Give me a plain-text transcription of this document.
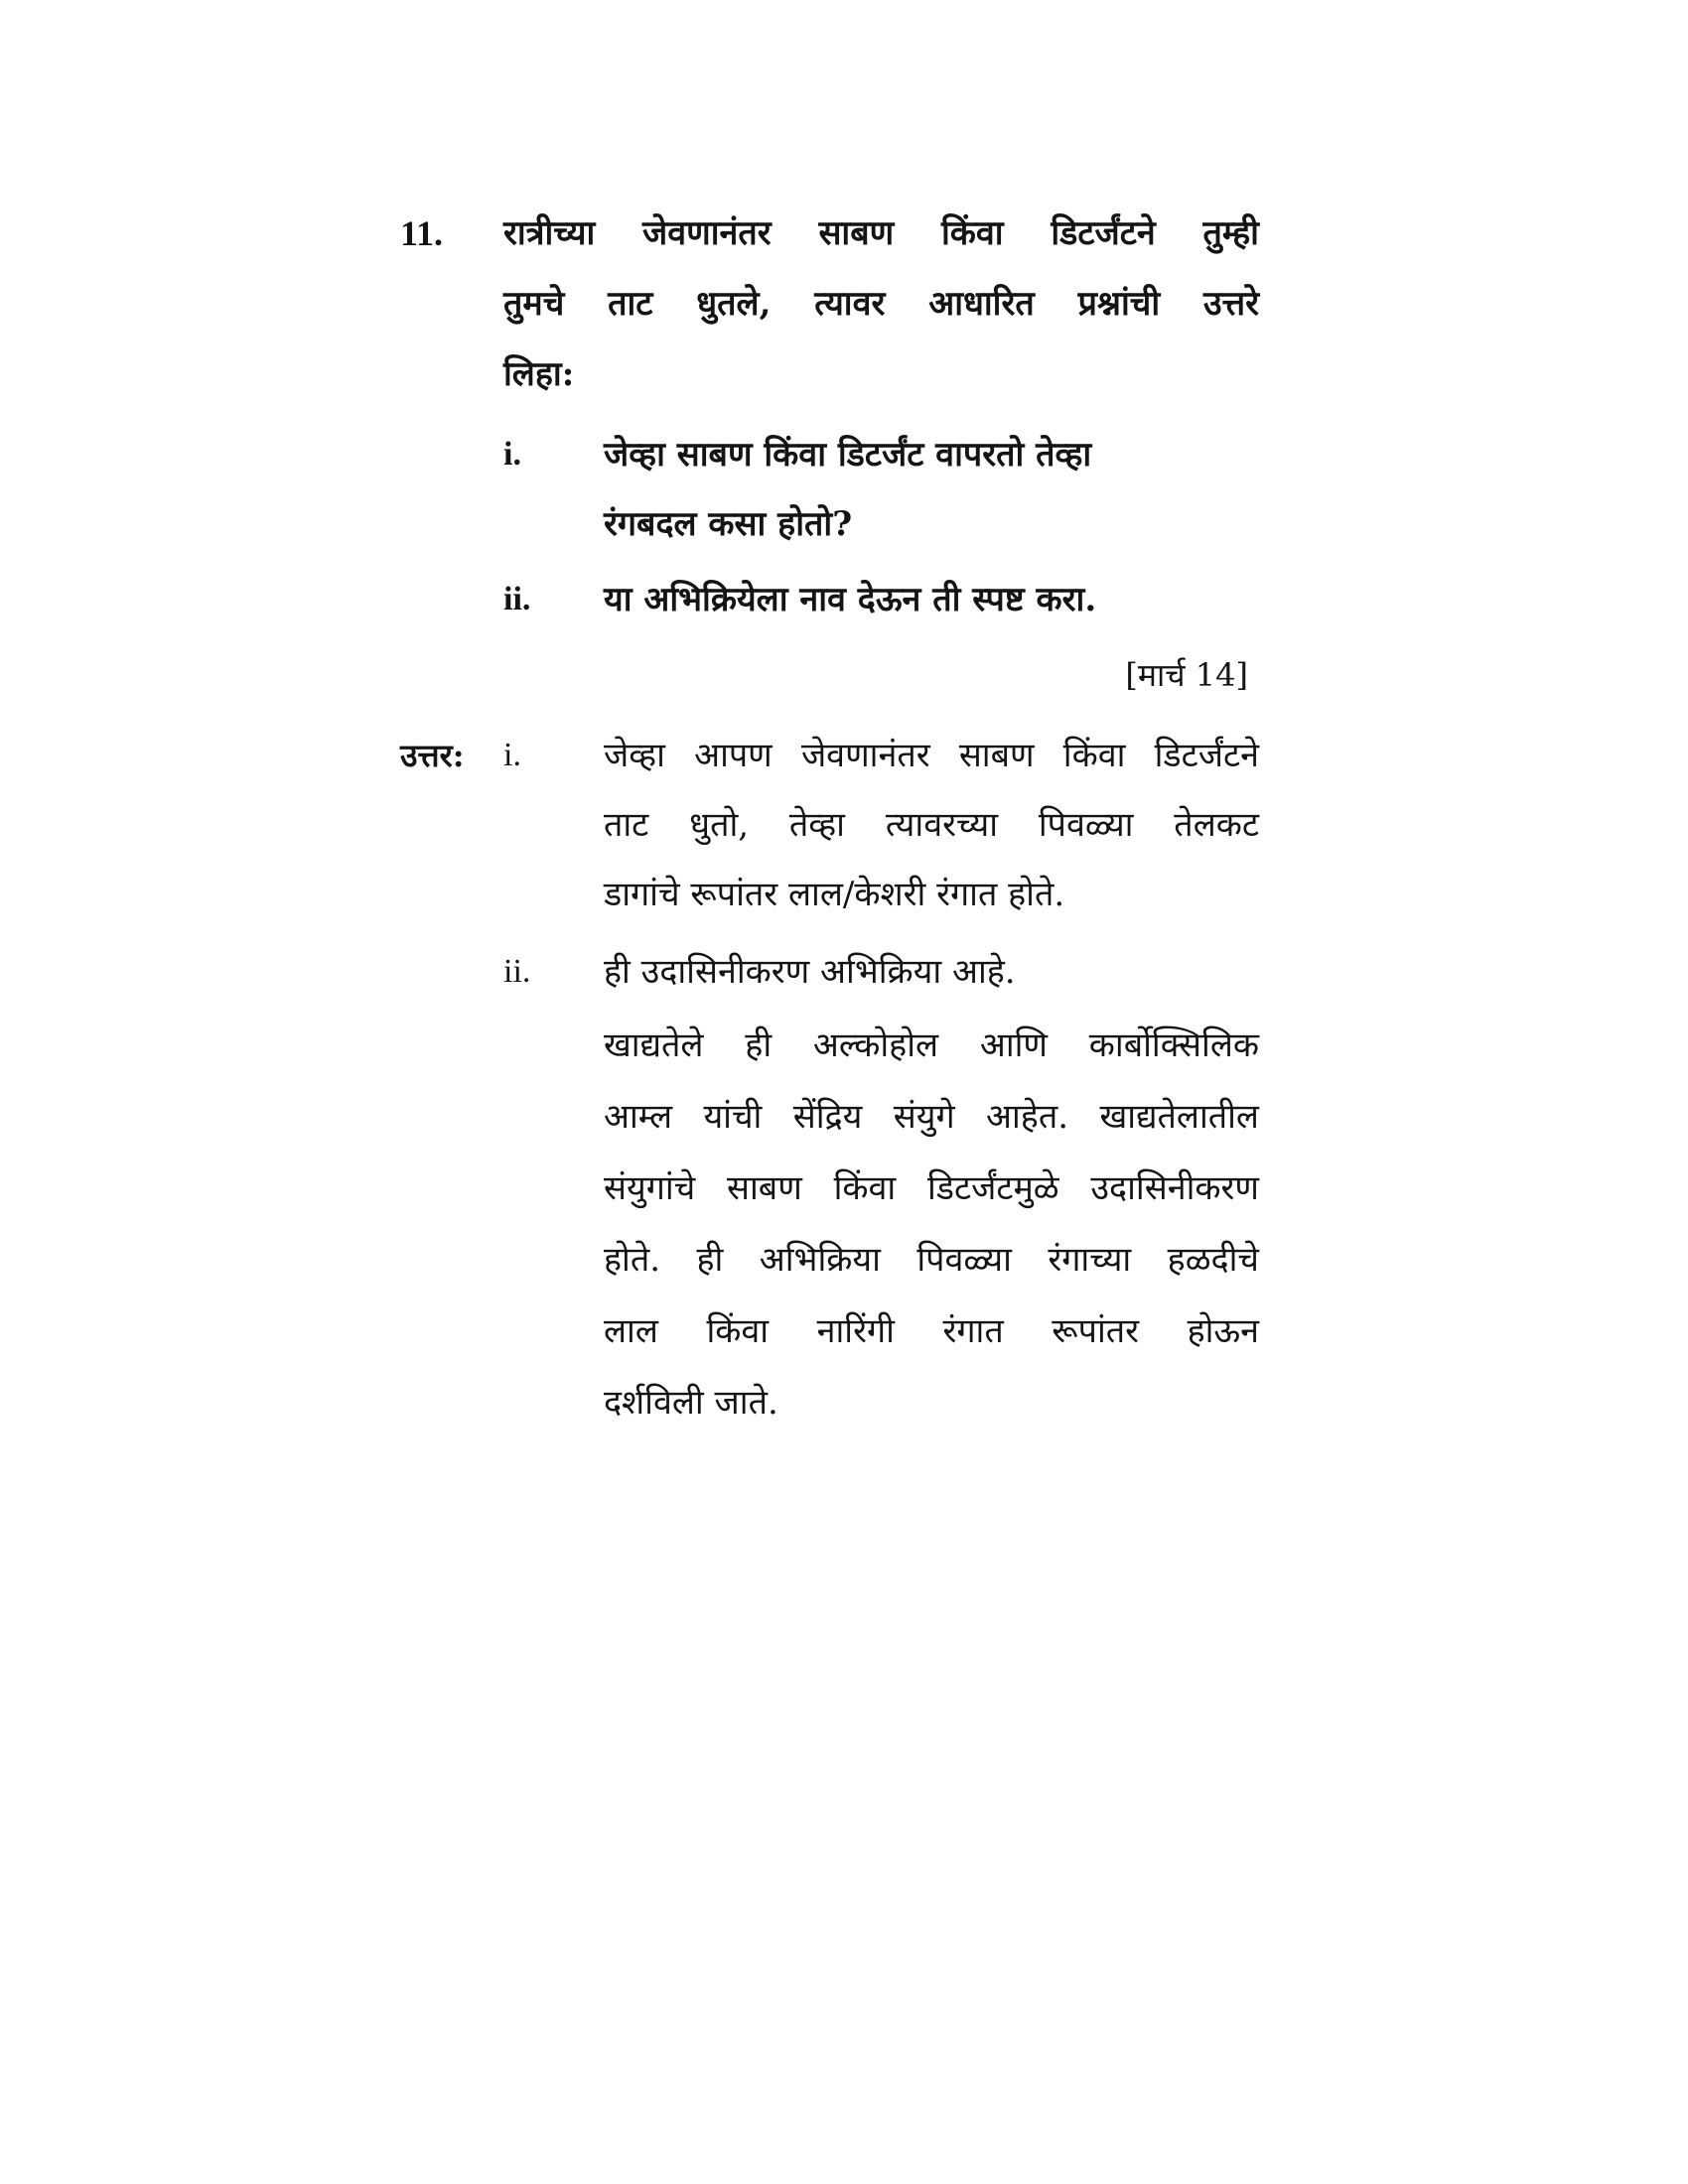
11.	रात्रीच्या जेवणानंतर साबण किंवा डिटर्जंटने तुम्ही
तुमचे ताट धुतले, त्यावर आधारित प्रश्नांची उत्तरे
लिहा:
i.	जेव्हा साबण किंवा डिटर्जंट वापरतो तेव्हा
रंगबदल कसा होतो?
ii.	या अभिक्रियेला नाव देऊन ती स्पष्ट करा.
[मार्च 14]
उत्तर:	i.	जेव्हा आपण जेवणानंतर साबण किंवा डिटर्जंटने
ताट धुतो, तेव्हा त्यावरच्या पिवळ्या तेलकट
डागांचे रूपांतर लाल/केशरी रंगात होते.
ii.	ही उदासिनीकरण अभिक्रिया आहे.
खाद्यतेले ही अल्कोहोल आणि कार्बोक्सिलिक
आम्ल यांची सेंद्रिय संयुगे आहेत. खाद्यतेलातील
संयुगांचे साबण किंवा डिटर्जंटमुळे उदासिनीकरण
होते. ही अभिक्रिया पिवळ्या रंगाच्या हळदीचे
लाल किंवा नारिंगी रंगात रूपांतर होऊन
दर्शविली जाते.
